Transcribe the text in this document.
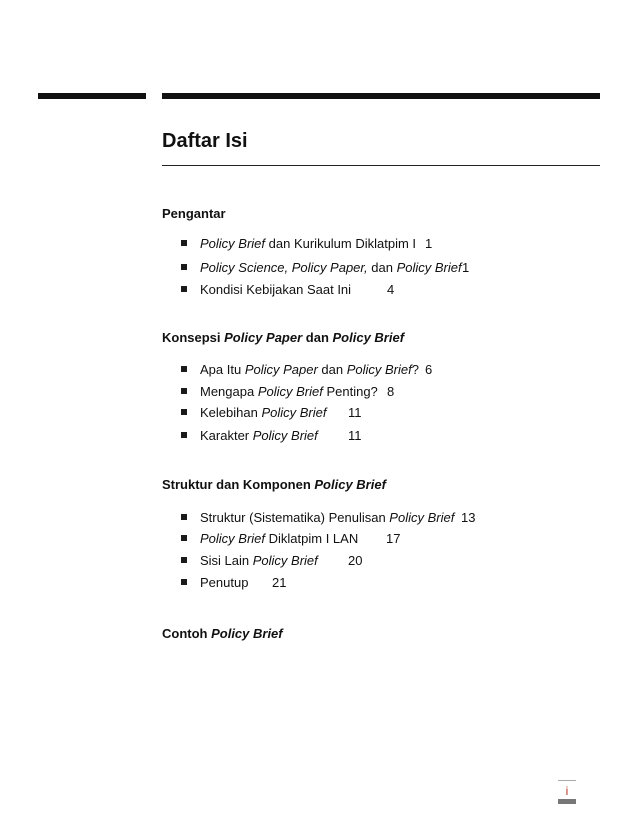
Daftar Isi
Pengantar
Policy Brief dan Kurikulum Diklatpim I 1
Policy Science, Policy Paper, dan Policy Brief 1
Kondisi Kebijakan Saat Ini	4
Konsepsi Policy Paper dan Policy Brief
Apa Itu Policy Paper dan Policy Brief? 6
Mengapa Policy Brief Penting? 8
Kelebihan Policy Brief 11
Karakter Policy Brief 11
Struktur dan Komponen Policy Brief
Struktur (Sistematika) Penulisan Policy Brief 13
Policy Brief Diklatpim I LAN 17
Sisi Lain Policy Brief 20
Penutup 21
Contoh Policy Brief
i
